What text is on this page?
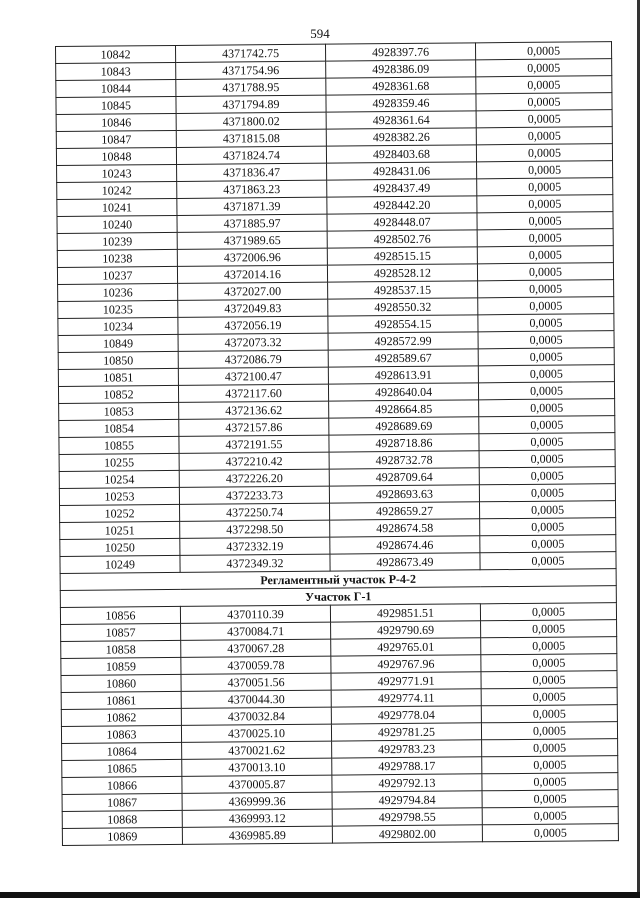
594
10842	4371742.75	4928397.76	0,0005
10843	4371754.96	4928386.09	0,0005
10844	4371788.95	4928361.68	0,0005
10845	4371794.89	4928359.46	0,0005
10846	4371800.02	4928361.64	0,0005
10847	4371815.08	4928382.26	0,0005
10848	4371824.74	4928403.68	0,0005
10243	4371836.47	4928431.06	0,0005
10242	4371863.23	4928437.49	0,0005
10241	4371871.39	4928442.20	0,0005
10240	4371885.97	4928448.07	0,0005
10239	4371989.65	4928502.76	0,0005
10238	4372006.96	4928515.15	0,0005
10237	4372014.16	4928528.12	0,0005
10236	4372027.00	4928537.15	0,0005
10235	4372049.83	4928550.32	0,0005
10234	4372056.19	4928554.15	0,0005
10849	4372073.32	4928572.99	0,0005
10850	4372086.79	4928589.67	0,0005
10851	4372100.47	4928613.91	0,0005
10852	4372117.60	4928640.04	0,0005
10853	4372136.62	4928664.85	0,0005
10854	4372157.86	4928689.69	0,0005
10855	4372191.55	4928718.86	0,0005
10255	4372210.42	4928732.78	0,0005
10254	4372226.20	4928709.64	0,0005
10253	4372233.73	4928693.63	0,0005
10252	4372250.74	4928659.27	0,0005
10251	4372298.50	4928674.58	0,0005
10250	4372332.19	4928674.46	0,0005
10249	4372349.32	4928673.49	0,0005
Регламентный участок Р-4-2			
Участок Г-1			
10856	4370110.39	4929851.51	0,0005
10857	4370084.71	4929790.69	0,0005
10858	4370067.28	4929765.01	0,0005
10859	4370059.78	4929767.96	0,0005
10860	4370051.56	4929771.91	0,0005
10861	4370044.30	4929774.11	0,0005
10862	4370032.84	4929778.04	0,0005
10863	4370025.10	4929781.25	0,0005
10864	4370021.62	4929783.23	0,0005
10865	4370013.10	4929788.17	0,0005
10866	4370005.87	4929792.13	0,0005
10867	4369999.36	4929794.84	0,0005
10868	4369993.12	4929798.55	0,0005
10869	4369985.89	4929802.00	0,0005
